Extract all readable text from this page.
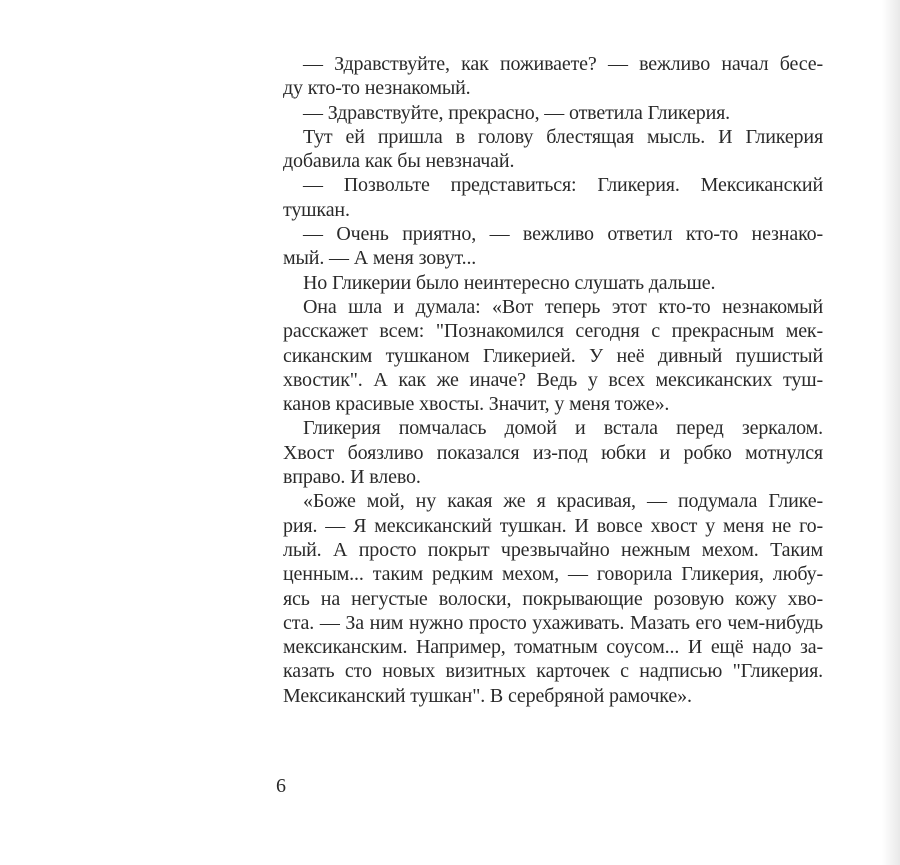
— Здравствуйте, как поживаете? — вежливо начал бесе-
ду кто-то незнакомый.
— Здравствуйте, прекрасно, — ответила Гликерия.
Тут ей пришла в голову блестящая мысль. И Гликерия
добавила как бы невзначай.
— Позвольте представиться: Гликерия. Мексиканский
тушкан.
— Очень приятно, — вежливо ответил кто-то незнако-
мый. — А меня зовут...
Но Гликерии было неинтересно слушать дальше.
Она шла и думала: «Вот теперь этот кто-то незнакомый
расскажет всем: "Познакомился сегодня с прекрасным мек-
сиканским тушканом Гликерией. У неё дивный пушистый
хвостик". А как же иначе? Ведь у всех мексиканских туш-
канов красивые хвосты. Значит, у меня тоже».
Гликерия помчалась домой и встала перед зеркалом.
Хвост боязливо показался из-под юбки и робко мотнулся
вправо. И влево.
«Боже мой, ну какая же я красивая, — подумала Глике-
рия. — Я мексиканский тушкан. И вовсе хвост у меня не го-
лый. А просто покрыт чрезвычайно нежным мехом. Таким
ценным... таким редким мехом, — говорила Гликерия, любу-
ясь на негустые волоски, покрывающие розовую кожу хво-
ста. — За ним нужно просто ухаживать. Мазать его чем-нибудь
мексиканским. Например, томатным соусом... И ещё надо за-
казать сто новых визитных карточек с надписью "Гликерия.
Мексиканский тушкан". В серебряной рамочке».
6
